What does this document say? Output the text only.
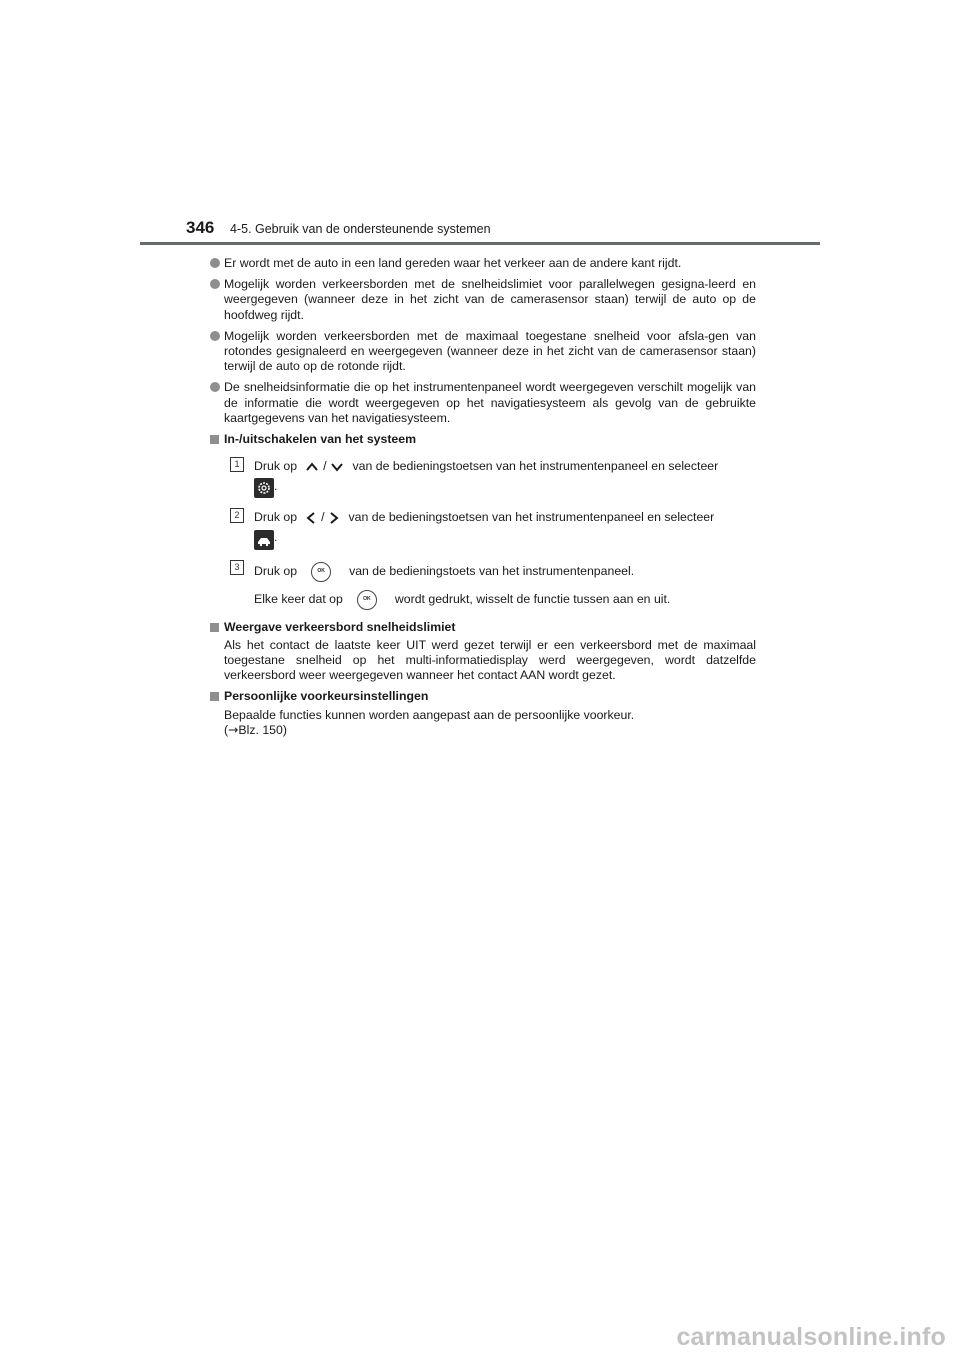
346 4-5. Gebruik van de ondersteunende systemen
Er wordt met de auto in een land gereden waar het verkeer aan de andere kant rijdt.
Mogelijk worden verkeersborden met de snelheidslimiet voor parallelwegen gesigna-leerd en weergegeven (wanneer deze in het zicht van de camerasensor staan) terwijl de auto op de hoofdweg rijdt.
Mogelijk worden verkeersborden met de maximaal toegestane snelheid voor afsla-gen van rotondes gesignaleerd en weergegeven (wanneer deze in het zicht van de camerasensor staan) terwijl de auto op de rotonde rijdt.
De snelheidsinformatie die op het instrumentenpaneel wordt weergegeven verschilt mogelijk van de informatie die wordt weergegeven op het navigatiesysteem als gevolg van de gebruikte kaartgegevens van het navigatiesysteem.
In-/uitschakelen van het systeem
1	Druk op / van de bedieningstoetsen van het instrumentenpaneel en selecteer
.
2	Druk op / van de bedieningstoetsen van het instrumentenpaneel en selecteer
.
3	Druk op	OK	van de bedieningstoets van het instrumentenpaneel.
Elke keer dat op	OK	wordt gedrukt, wisselt de functie tussen aan en uit.
Weergave verkeersbord snelheidslimiet
Als het contact de laatste keer UIT werd gezet terwijl er een verkeersbord met de maximaal toegestane snelheid op het multi-informatiedisplay werd weergegeven, wordt datzelfde verkeersbord weer weergegeven wanneer het contact AAN wordt gezet.
Persoonlijke voorkeursinstellingen
Bepaalde functies kunnen worden aangepast aan de persoonlijke voorkeur.
(→Blz. 150)
carmanualsonline.info
